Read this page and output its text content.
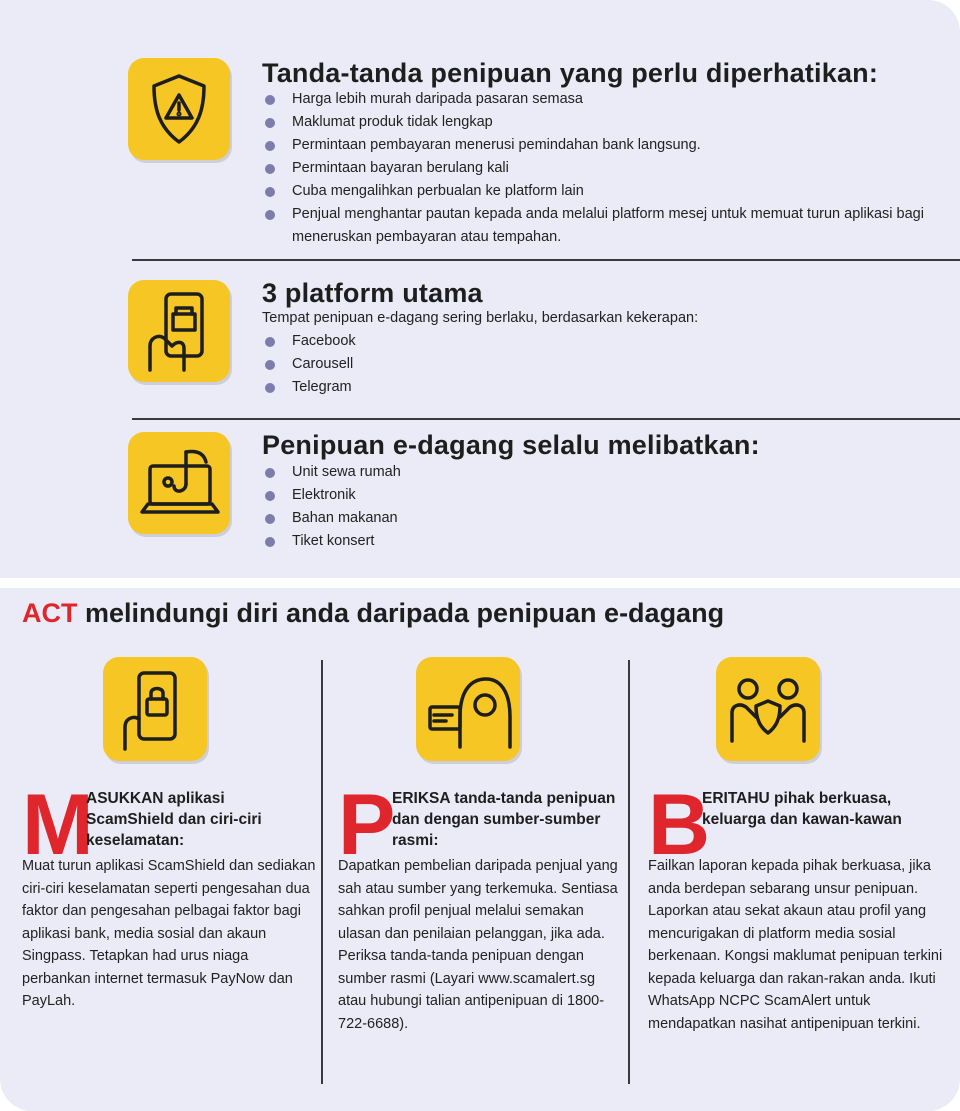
Tanda-tanda penipuan yang perlu diperhatikan:
Harga lebih murah daripada pasaran semasa
Maklumat produk tidak lengkap
Permintaan pembayaran menerusi pemindahan bank langsung.
Permintaan bayaran berulang kali
Cuba mengalihkan perbualan ke platform lain
Penjual menghantar pautan kepada anda melalui platform mesej untuk memuat turun aplikasi bagi meneruskan pembayaran atau tempahan.
3 platform utama
Tempat penipuan e-dagang sering berlaku, berdasarkan kekerapan:
Facebook
Carousell
Telegram
Penipuan e-dagang selalu melibatkan:
Unit sewa rumah
Elektronik
Bahan makanan
Tiket konsert
ACT melindungi diri anda daripada penipuan e-dagang
M

ASUKKAN aplikasi ScamShield dan ciri-ciri keselamatan:

Muat turun aplikasi ScamShield dan sediakan ciri-ciri keselamatan seperti pengesahan dua faktor dan pengesahan pelbagai faktor bagi aplikasi bank, media sosial dan akaun Singpass. Tetapkan had urus niaga perbankan internet termasuk PayNow dan PayLah.

P

ERIKSA tanda-tanda penipuan dan dengan sumber-sumber rasmi:

Dapatkan pembelian daripada penjual yang sah atau sumber yang terkemuka. Sentiasa sahkan profil penjual melalui semakan ulasan dan penilaian pelanggan, jika ada. Periksa tanda-tanda penipuan dengan sumber rasmi (Layari www.scamalert.sg atau hubungi talian antipenipuan di 1800-722-6688).

B

ERITAHU pihak berkuasa, keluarga dan kawan-kawan

Failkan laporan kepada pihak berkuasa, jika anda berdepan sebarang unsur penipuan. Laporkan atau sekat akaun atau profil yang mencurigakan di platform media sosial berkenaan. Kongsi maklumat penipuan terkini kepada keluarga dan rakan-rakan anda. Ikuti WhatsApp NCPC ScamAlert untuk mendapatkan nasihat antipenipuan terkini.
